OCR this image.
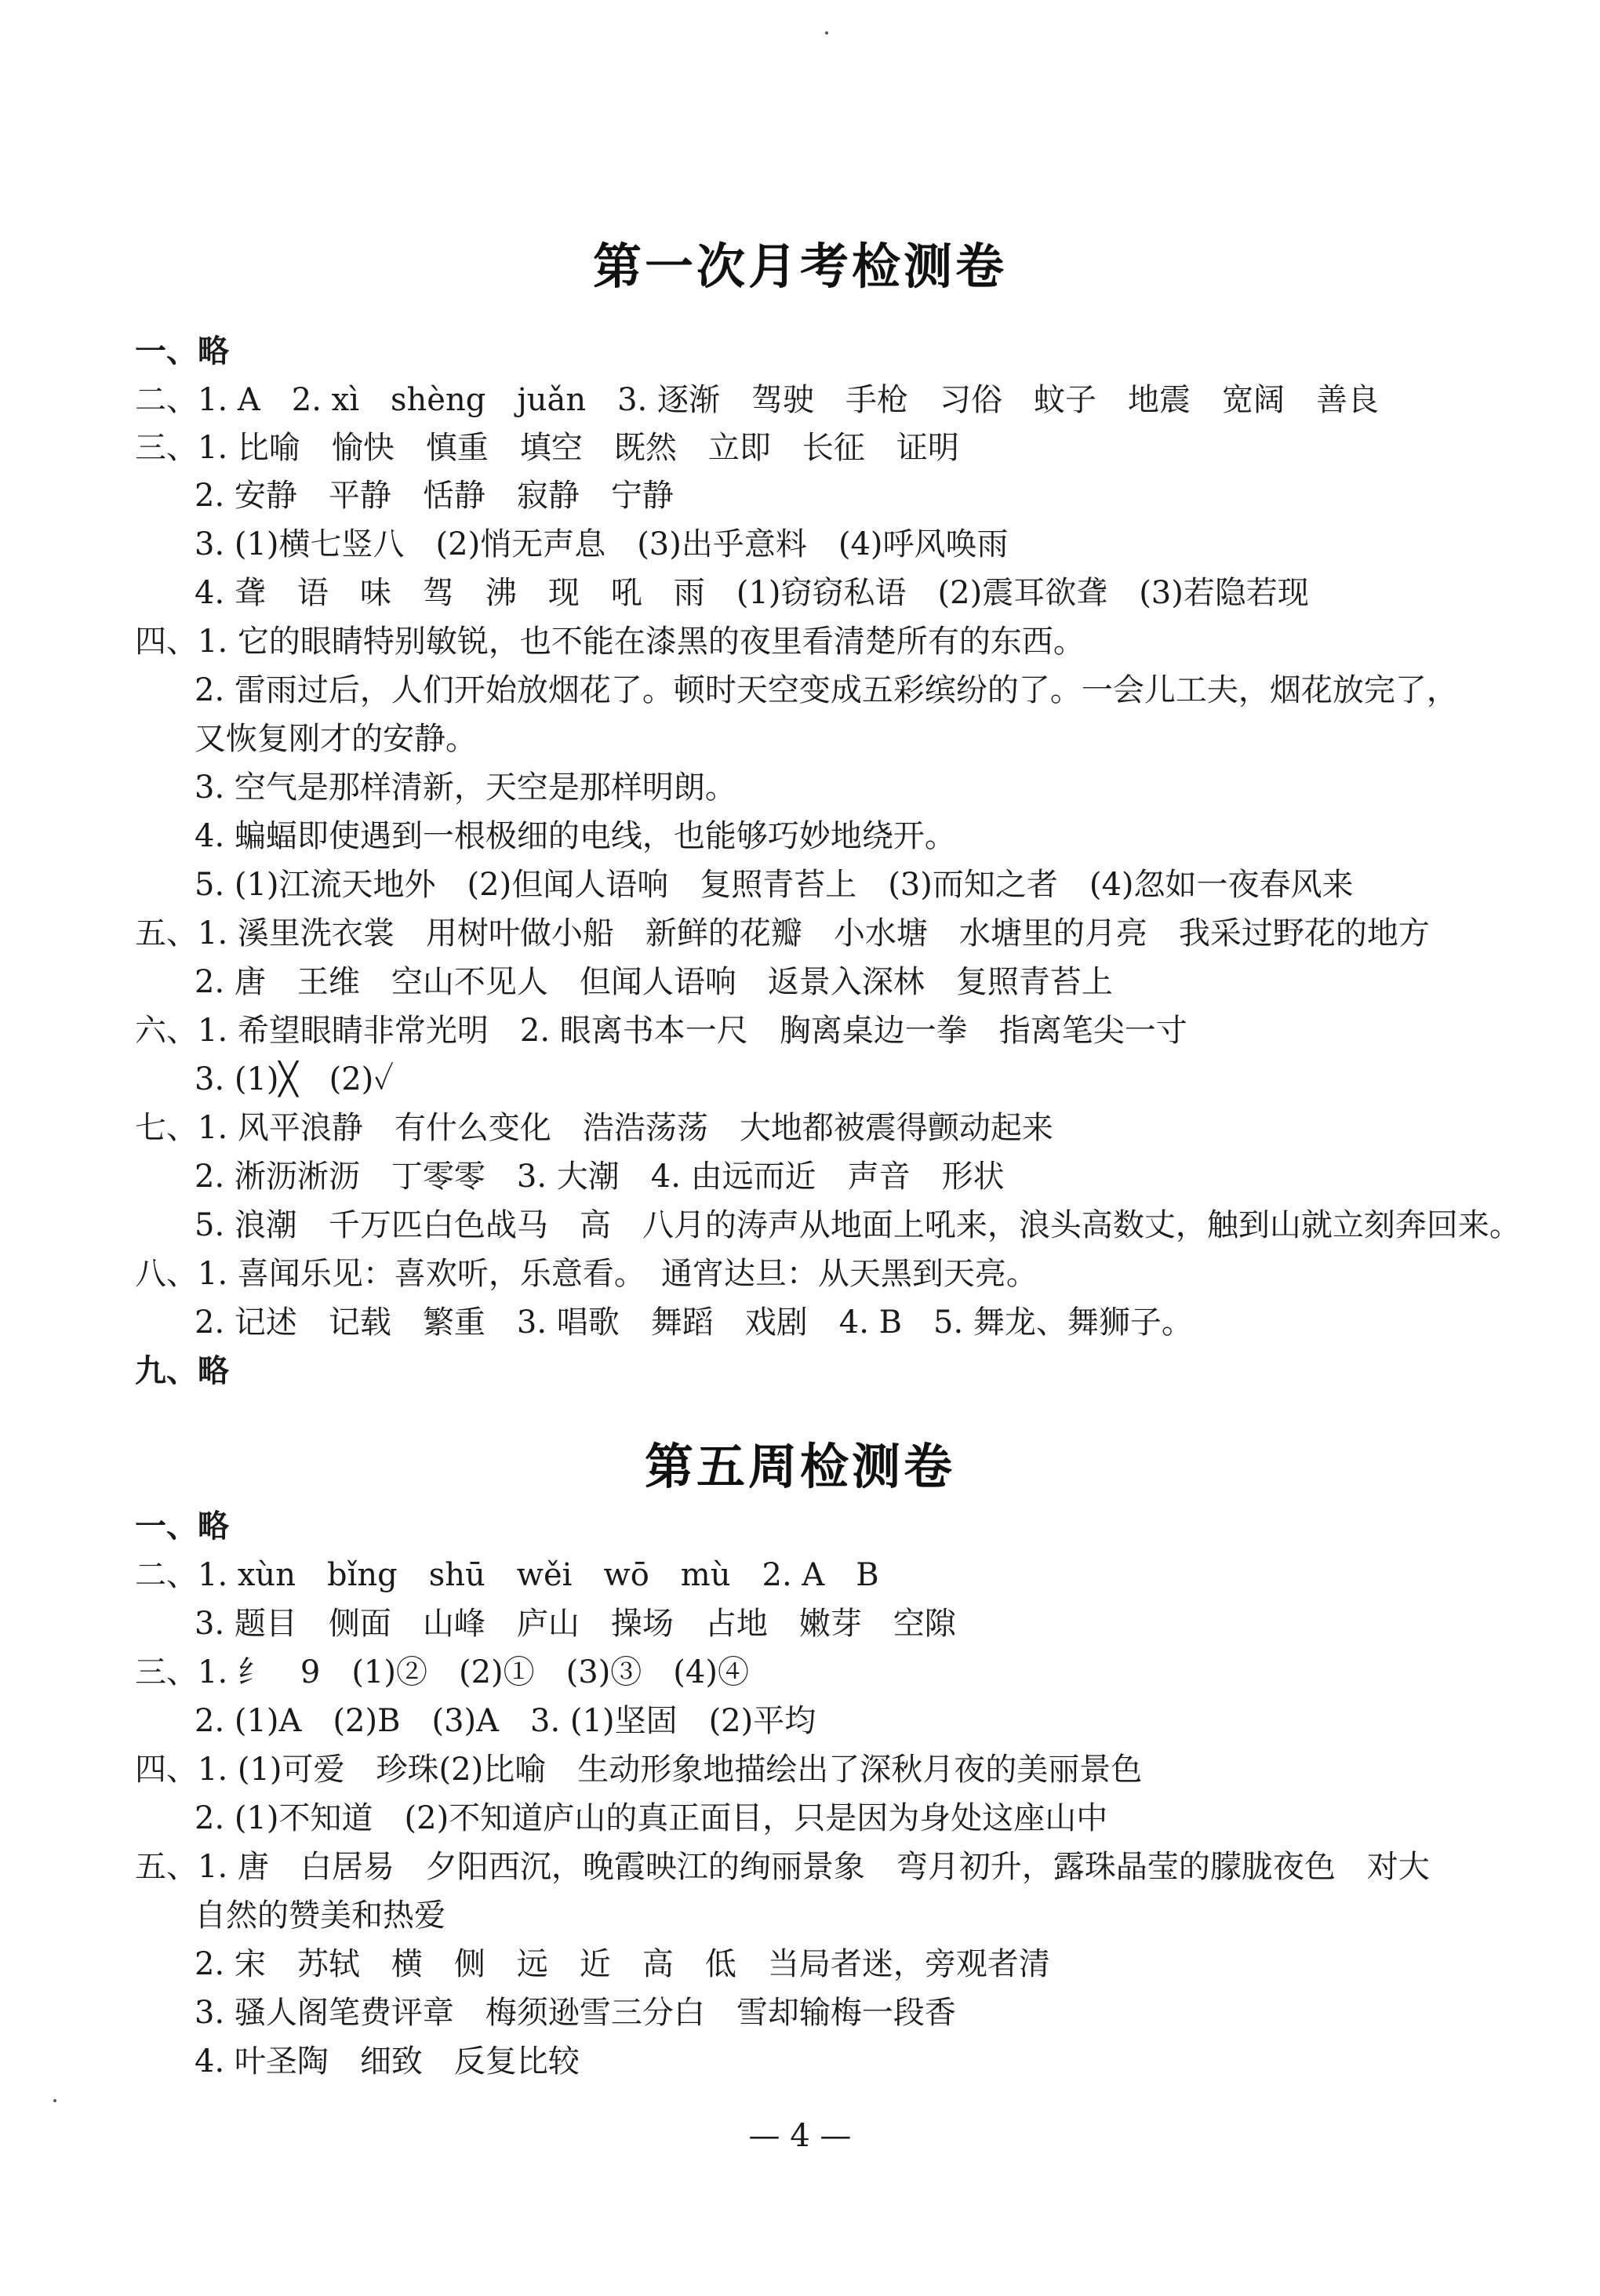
第一次月考检测卷
一、略
二、1. A　2. xì　shèng　juǎn　3. 逐渐　驾驶　手枪　习俗　蚊子　地震　宽阔　善良
三、1. 比喻　愉快　慎重　填空　既然　立即　长征　证明
2. 安静　平静　恬静　寂静　宁静
3. (1)横七竖八　(2)悄无声息　(3)出乎意料　(4)呼风唤雨
4. 聋　语　味　驾　沸　现　吼　雨　(1)窃窃私语　(2)震耳欲聋　(3)若隐若现
四、1. 它的眼睛特别敏锐，也不能在漆黑的夜里看清楚所有的东西。
2. 雷雨过后，人们开始放烟花了。顿时天空变成五彩缤纷的了。一会儿工夫，烟花放完了，
又恢复刚才的安静。
3. 空气是那样清新，天空是那样明朗。
4. 蝙蝠即使遇到一根极细的电线，也能够巧妙地绕开。
5. (1)江流天地外　(2)但闻人语响　复照青苔上　(3)而知之者　(4)忽如一夜春风来
五、1. 溪里洗衣裳　用树叶做小船　新鲜的花瓣　小水塘　水塘里的月亮　我采过野花的地方
2. 唐　王维　空山不见人　但闻人语响　返景入深林　复照青苔上
六、1. 希望眼睛非常光明　2. 眼离书本一尺　胸离桌边一拳　指离笔尖一寸
3. (1)╳　(2)✓
七、1. 风平浪静　有什么变化　浩浩荡荡　大地都被震得颤动起来
2. 淅沥淅沥　丁零零　3. 大潮　4. 由远而近　声音　形状
5. 浪潮　千万匹白色战马　高　八月的涛声从地面上吼来，浪头高数丈，触到山就立刻奔回来。
八、1. 喜闻乐见：喜欢听，乐意看。　通宵达旦：从天黑到天亮。
2. 记述　记载　繁重　3. 唱歌　舞蹈　戏剧　4. B　5. 舞龙、舞狮子。
九、略
第五周检测卷
一、略
二、1. xùn　bǐng　shū　wěi　wō　mù　2. A　B
3. 题目　侧面　山峰　庐山　操场　占地　嫩芽　空隙
三、1. 纟　9　(1)②　(2)①　(3)③　(4)④
2. (1)A　(2)B　(3)A　3. (1)坚固　(2)平均
四、1. (1)可爱　珍珠(2)比喻　生动形象地描绘出了深秋月夜的美丽景色
2. (1)不知道　(2)不知道庐山的真正面目，只是因为身处这座山中
五、1. 唐　白居易　夕阳西沉，晚霞映江的绚丽景象　弯月初升，露珠晶莹的朦胧夜色　对大
自然的赞美和热爱
2. 宋　苏轼　横　侧　远　近　高　低　当局者迷，旁观者清
3. 骚人阁笔费评章　梅须逊雪三分白　雪却输梅一段香
4. 叶圣陶　细致　反复比较
— 4 —
